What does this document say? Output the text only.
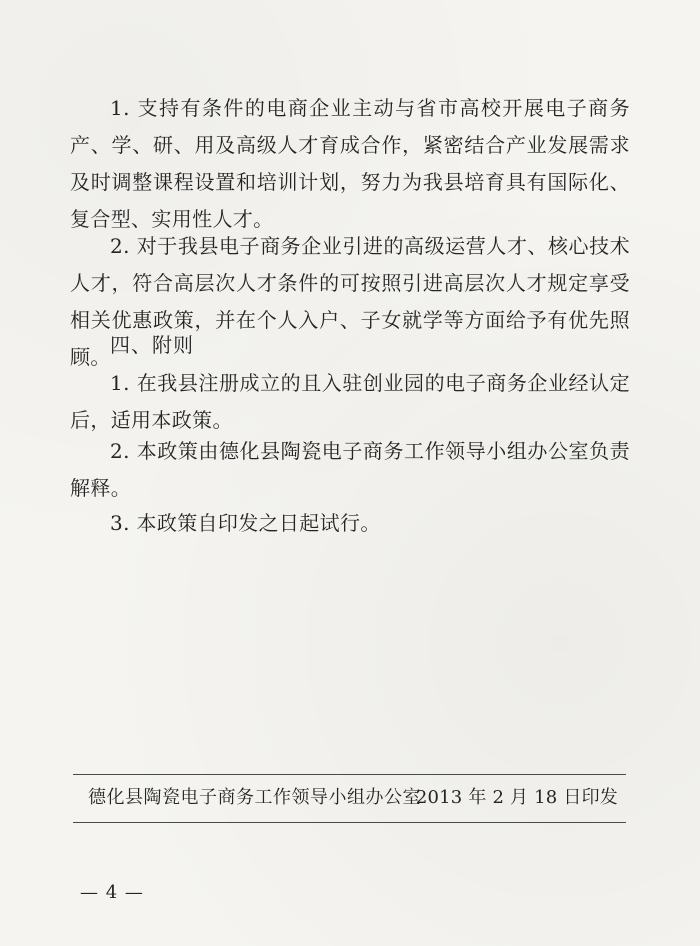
1. 支持有条件的电商企业主动与省市高校开展电子商务产、学、研、用及高级人才育成合作，紧密结合产业发展需求及时调整课程设置和培训计划，努力为我县培育具有国际化、复合型、实用性人才。
2. 对于我县电子商务企业引进的高级运营人才、核心技术人才，符合高层次人才条件的可按照引进高层次人才规定享受相关优惠政策，并在个人入户、子女就学等方面给予有优先照顾。 四、附则
1. 在我县注册成立的且入驻创业园的电子商务企业经认定后，适用本政策。
2. 本政策由德化县陶瓷电子商务工作领导小组办公室负责解释。
3. 本政策自印发之日起试行。
德化县陶瓷电子商务工作领导小组办公室
2013 年 2 月 18 日印发
— 4 —
